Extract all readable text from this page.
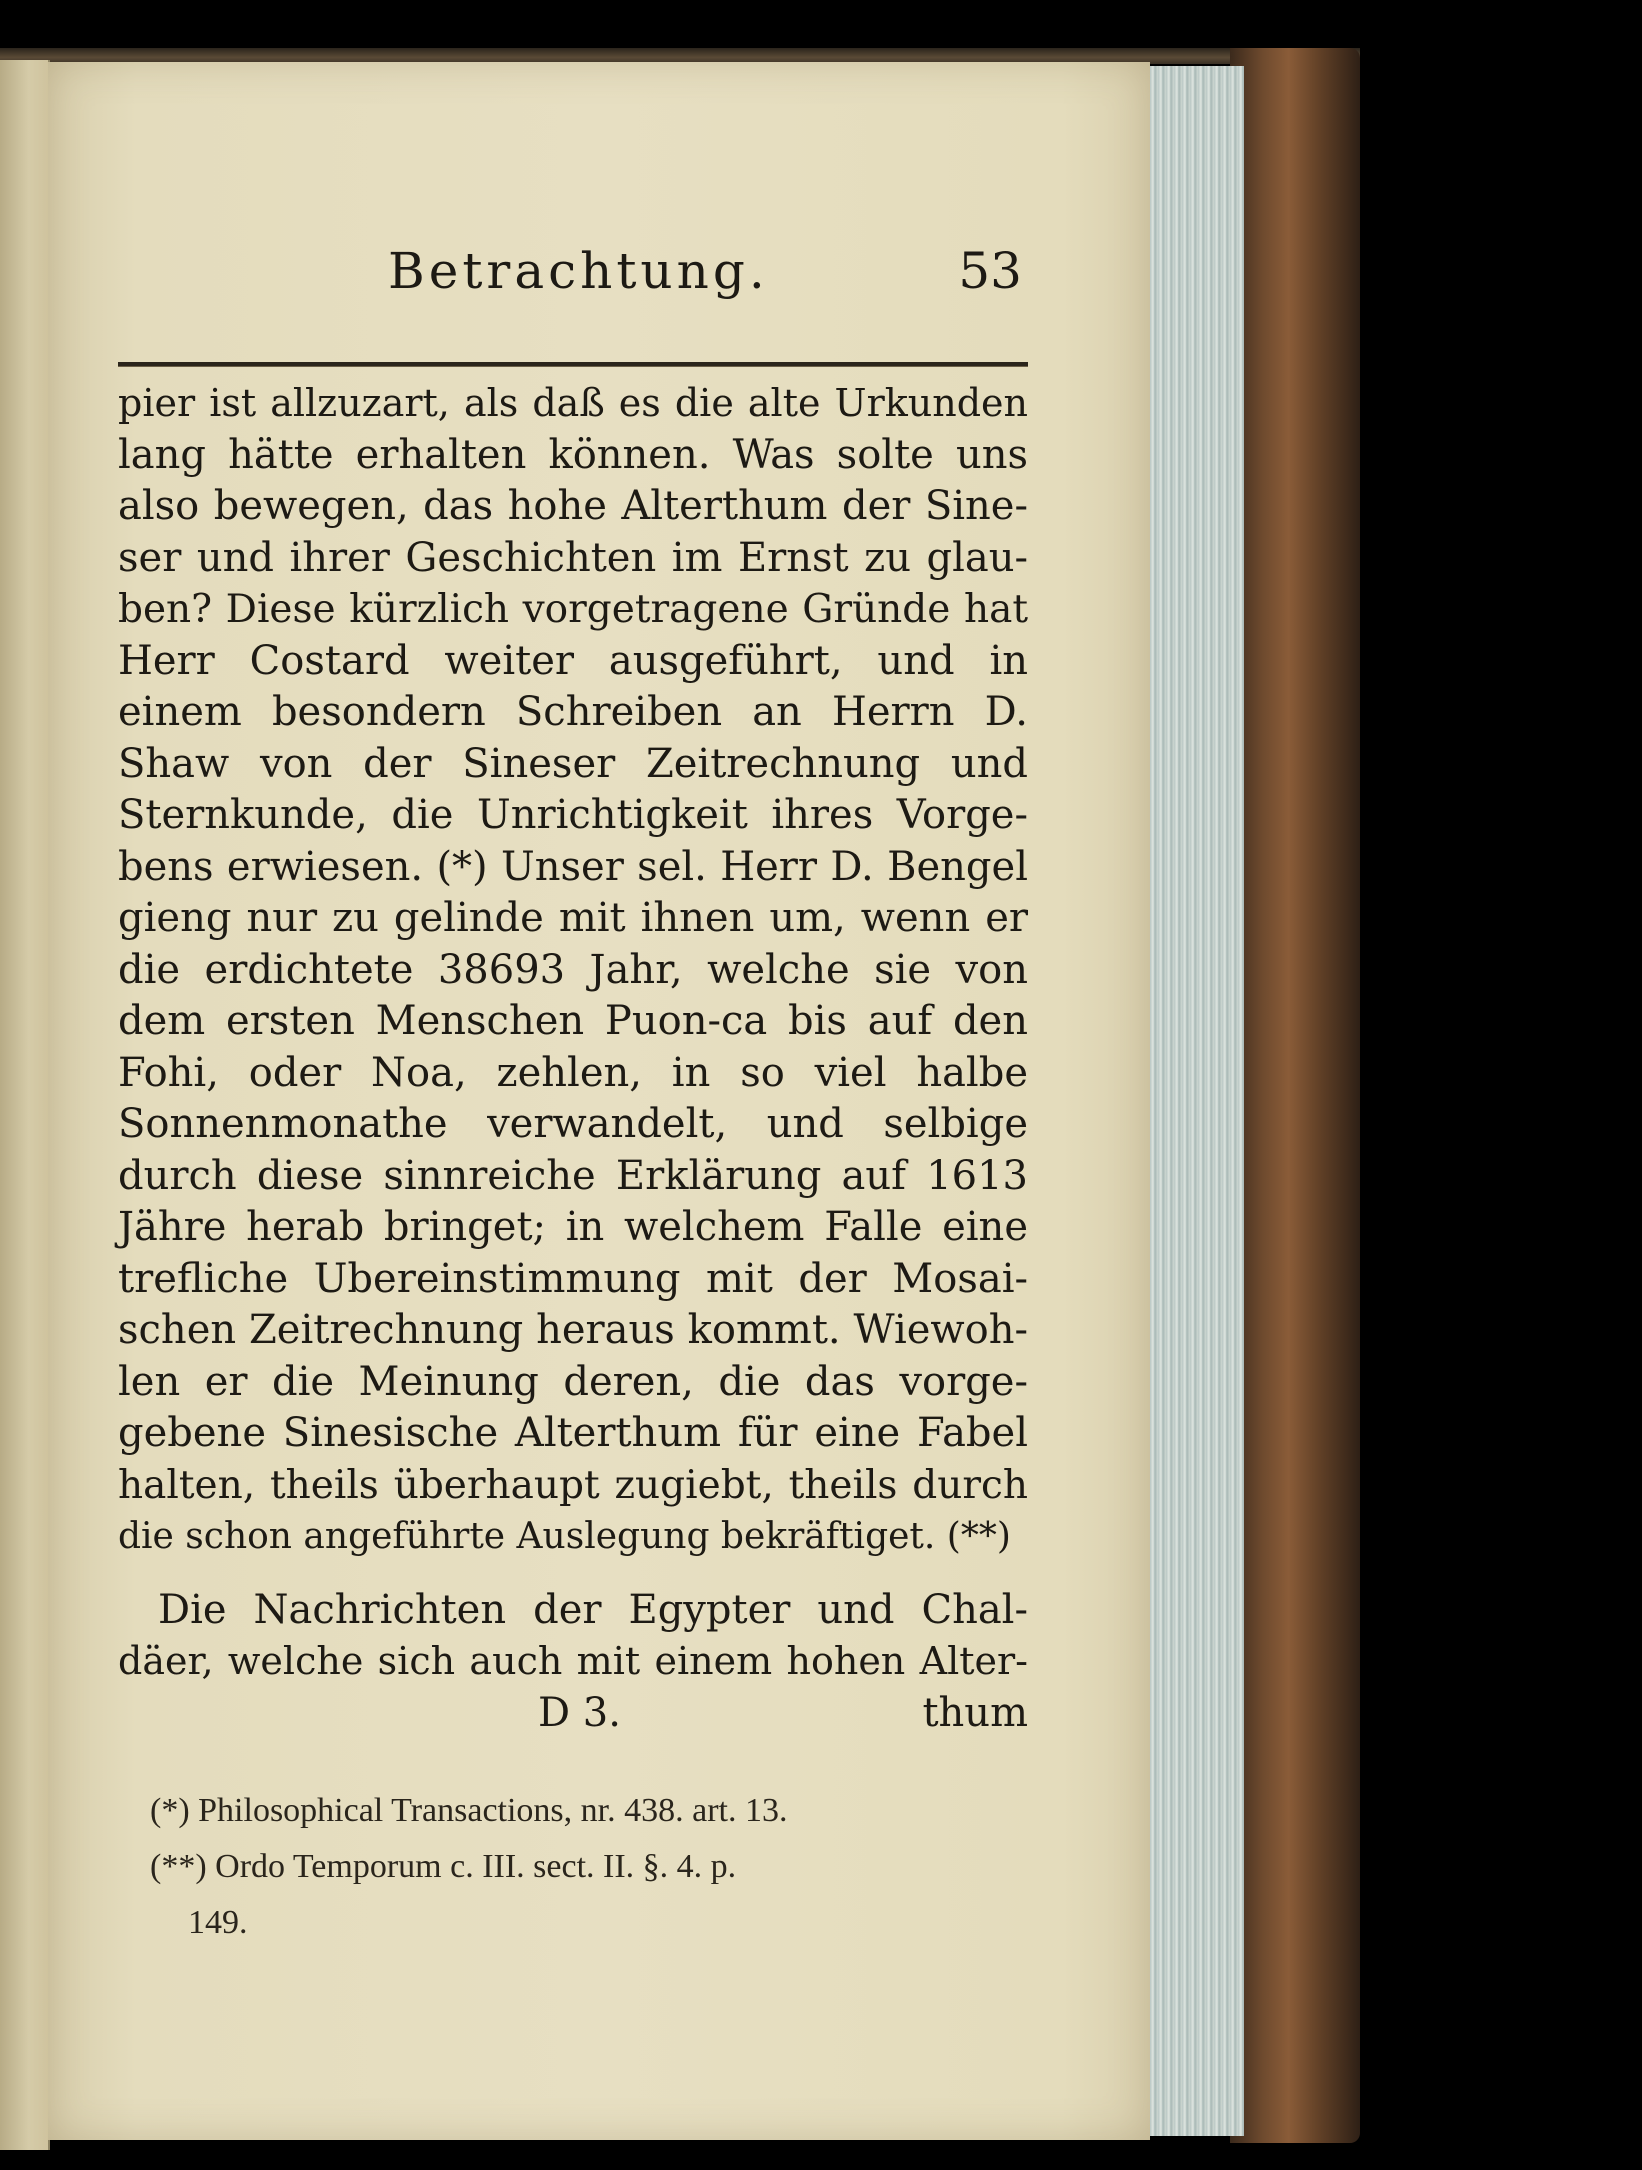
Betrachtung.	53
pier ist allzuzart, als daß es die alte Urkunden
lang hätte erhalten können. Was solte uns
also bewegen, das hohe Alterthum der Sine-
ser und ihrer Geschichten im Ernst zu glau-
ben? Diese kürzlich vorgetragene Gründe hat
Herr Costard weiter ausgeführt, und in
einem besondern Schreiben an Herrn D.
Shaw von der Sineser Zeitrechnung und
Sternkunde, die Unrichtigkeit ihres Vorge-
bens erwiesen. (*) Unser sel. Herr D. Bengel
gieng nur zu gelinde mit ihnen um, wenn er
die erdichtete 38693 Jahr, welche sie von
dem ersten Menschen Puon-ca bis auf den
Fohi, oder Noa, zehlen, in so viel halbe
Sonnenmonathe verwandelt, und selbige
durch diese sinnreiche Erklärung auf 1613
Jähre herab bringet; in welchem Falle eine
trefliche Ubereinstimmung mit der Mosai-
schen Zeitrechnung heraus kommt. Wiewoh-
len er die Meinung deren, die das vorge-
gebene Sinesische Alterthum für eine Fabel
halten, theils überhaupt zugiebt, theils durch
die schon angeführte Auslegung bekräftiget. (**)
Die Nachrichten der Egypter und Chal-
däer, welche sich auch mit einem hohen Alter-
D 3.	thum
(*) Philosophical Transactions, nr. 438. art. 13.
(**) Ordo Temporum c. III. sect. II. §. 4. p.
149.
